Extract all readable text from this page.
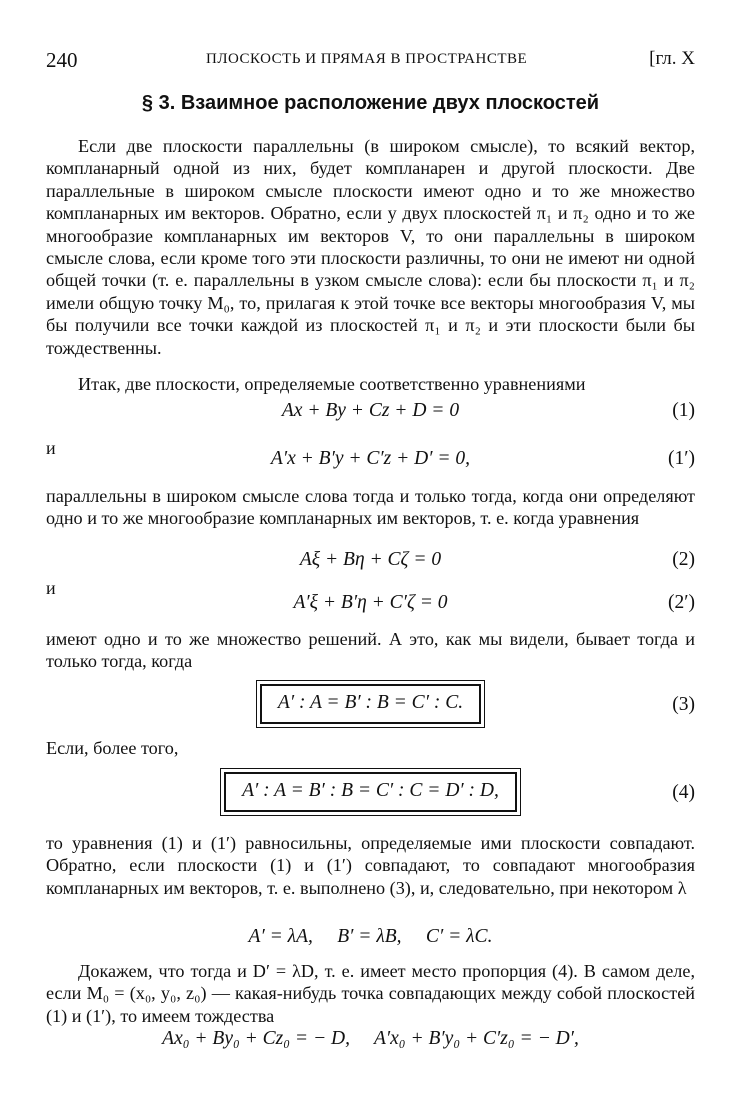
240	ПЛОСКОСТЬ И ПРЯМАЯ В ПРОСТРАНСТВЕ	[гл. X
§ 3. Взаимное расположение двух плоскостей
Если две плоскости параллельны (в широком смысле), то всякий вектор, компланарный одной из них, будет компланарен и другой плоскости. Две параллельные в широком смысле плоскости имеют одно и то же множество компланарных им векторов. Обратно, если у двух плоскостей π₁ и π₂ одно и то же многообразие компланарных им векторов V, то они параллельны в широком смысле слова, если кроме того эти плоскости различны, то они не имеют ни одной общей точки (т. е. параллельны в узком смысле слова): если бы плоскости π₁ и π₂ имели общую точку M₀, то, прилагая к этой точке все векторы многообразия V, мы бы получили все точки каждой из плоскостей π₁ и π₂ и эти плоскости были бы тождественны.
Итак, две плоскости, определяемые соответственно уравнениями
Ax + By + Cz + D = 0	(1)
и	A′x + B′y + C′z + D′ = 0,	(1′)
параллельны в широком смысле слова тогда и только тогда, когда они определяют одно и то же многообразие компланарных им векторов, т. е. когда уравнения
Aξ + Bη + Cζ = 0	(2)
и
A′ξ + B′η + C′ζ = 0	(2′)
имеют одно и то же множество решений. А это, как мы видели, бывает тогда и только тогда, когда
A′ : A = B′ : B = C′ : C.	(3)
Если, более того,
A′ : A = B′ : B = C′ : C = D′ : D,	(4)
то уравнения (1) и (1′) равносильны, определяемые ими плоскости совпадают. Обратно, если плоскости (1) и (1′) совпадают, то совпадают многообразия компланарных им векторов, т. е. выполнено (3), и, следовательно, при некотором λ
A′ = λA,     B′ = λB,     C′ = λC.
Докажем, что тогда и D′ = λD, т. е. имеет место пропорция (4). В самом деле, если M₀ = (x₀, y₀, z₀) — какая-нибудь точка совпадающих между собой плоскостей (1) и (1′), то имеем тождества
Ax₀ + By₀ + Cz₀ = − D,     A′x₀ + B′y₀ + C′z₀ = − D′,
